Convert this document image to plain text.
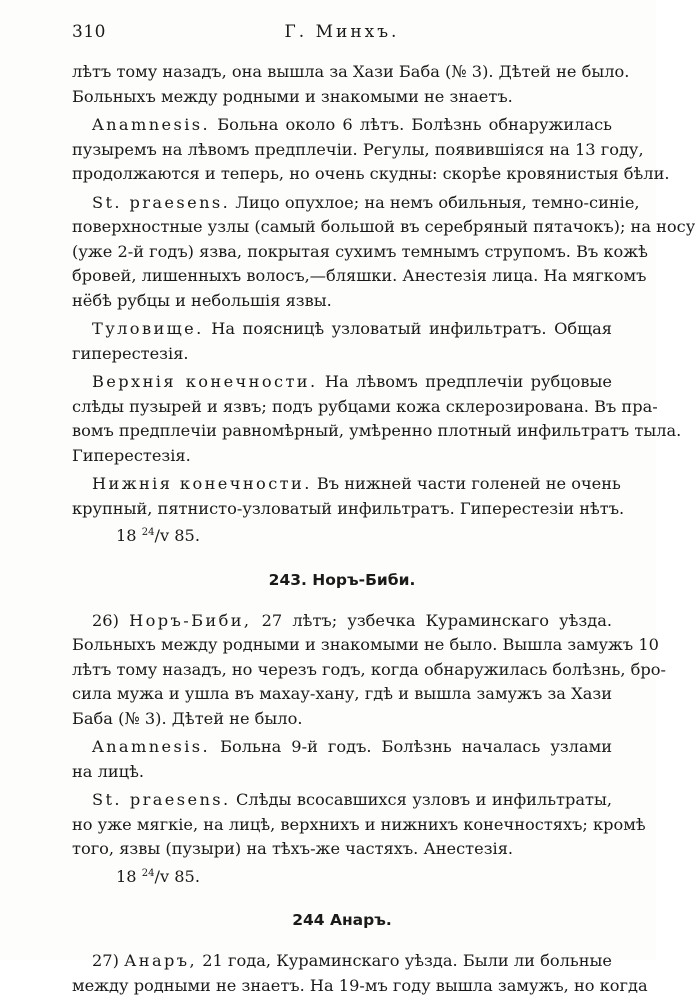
310	Г. Минхъ.
лѣтъ тому назадъ, она вышла за Хази Баба (№ 3). Дѣтей не было.
Больныхъ между родными и знакомыми не знаетъ.
Anamnesis. Больна около 6 лѣтъ. Болѣзнь обнаружилась
пузыремъ на лѣвомъ предплечіи. Регулы, появившіяся на 13 году,
продолжаются и теперь, но очень скудны: скорѣе кровянистыя бѣли.
St. praesens. Лицо опухлое; на немъ обильныя, темно-синіе,
поверхностные узлы (самый большой въ серебряный пятачокъ); на носу
(уже 2-й годъ) язва, покрытая сухимъ темнымъ струпомъ. Въ кожѣ
бровей, лишенныхъ волосъ,—бляшки. Анестезія лица. На мягкомъ
нёбѣ рубцы и небольшія язвы.
Туловище. На поясницѣ узловатый инфильтратъ. Общая
гиперестезія.
Верхнія конечности. На лѣвомъ предплечіи рубцовые
слѣды пузырей и язвъ; подъ рубцами кожа склерозирована. Въ пра-
вомъ предплечіи равномѣрный, умѣренно плотный инфильтратъ тыла.
Гиперестезія.
Нижнія конечности. Въ нижней части голеней не очень
крупный, пятнисто-узловатый инфильтратъ. Гиперестезіи нѣтъ.
18 $^{24}$/v 85.
243. Норъ-Биби.
26) Норъ-Биби, 27 лѣтъ; узбечка Кураминскаго уѣзда.
Больныхъ между родными и знакомыми не было. Вышла замужъ 10
лѣтъ тому назадъ, но черезъ годъ, когда обнаружилась болѣзнь, бро-
сила мужа и ушла въ махау-хану, гдѣ и вышла замужъ за Хази
Баба (№ 3). Дѣтей не было.
Anamnesis. Больна 9-й годъ. Болѣзнь началась узлами
на лицѣ.
St. praesens. Слѣды всосавшихся узловъ и инфильтраты,
но уже мягкіе, на лицѣ, верхнихъ и нижнихъ конечностяхъ; кромѣ
того, язвы (пузыри) на тѣхъ-же частяхъ. Анестезія.
18 $^{24}$/v 85.
244 Анаръ.
27) Анаръ, 21 года, Кураминскаго уѣзда. Были ли больные
между родными не знаетъ. На 19-мъ году вышла замужъ, но когда
